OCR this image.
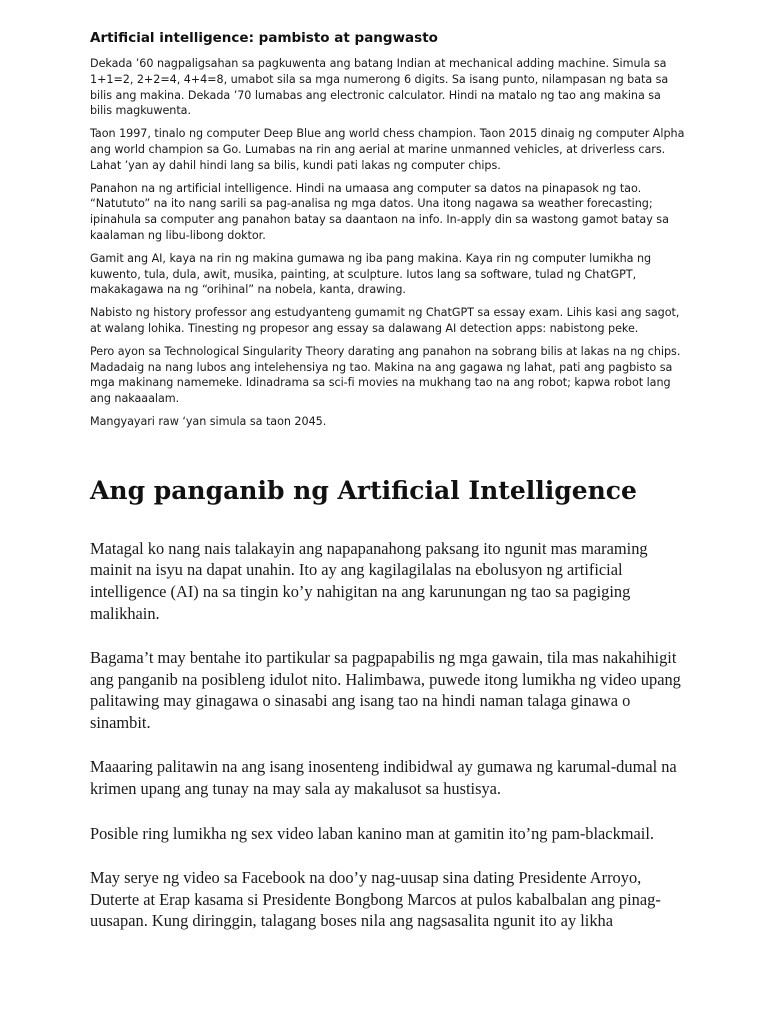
Artificial intelligence: pambisto at pangwasto

Dekada ’60 nagpaligsahan sa pagkuwenta ang batang Indian at mechanical adding machine. Simula sa 1+1=2, 2+2=4, 4+4=8, umabot sila sa mga numerong 6 digits. Sa isang punto, nilampasan ng bata sa bilis ang makina. Dekada ’70 lumabas ang electronic calculator. Hindi na matalo ng tao ang makina sa bilis magkuwenta.

Taon 1997, tinalo ng computer Deep Blue ang world chess champion. Taon 2015 dinaig ng computer Alpha ang world champion sa Go. Lumabas na rin ang aerial at marine unmanned vehicles, at driverless cars. Lahat ’yan ay dahil hindi lang sa bilis, kundi pati lakas ng computer chips.

Panahon na ng artificial intelligence. Hindi na umaasa ang computer sa datos na pinapasok ng tao. “Natututo” na ito nang sarili sa pag-analisa ng mga datos. Una itong nagawa sa weather forecasting; ipinahula sa computer ang panahon batay sa daantaon na info. In-apply din sa wastong gamot batay sa kaalaman ng libu-libong doktor.

Gamit ang AI, kaya na rin ng makina gumawa ng iba pang makina. Kaya rin ng computer lumikha ng kuwento, tula, dula, awit, musika, painting, at sculpture. Iutos lang sa software, tulad ng ChatGPT, makakagawa na ng “orihinal” na nobela, kanta, drawing.

Nabisto ng history professor ang estudyanteng gumamit ng ChatGPT sa essay exam. Lihis kasi ang sagot, at walang lohika. Tinesting ng propesor ang essay sa dalawang AI detection apps: nabistong peke.

Pero ayon sa Technological Singularity Theory darating ang panahon na sobrang bilis at lakas na ng chips. Madadaig na nang lubos ang intelehensiya ng tao. Makina na ang gagawa ng lahat, pati ang pagbisto sa mga makinang namemeke. Idinadrama sa sci-fi movies na mukhang tao na ang robot; kapwa robot lang ang nakaaalam.

Mangyayari raw ‘yan simula sa taon 2045.

Ang panganib ng Artificial Intelligence

Matagal ko nang nais talakayin ang napapanahong paksang ito ngunit mas maraming mainit na isyu na dapat unahin. Ito ay ang kagilagilalas na ebolusyon ng artificial intelligence (AI) na sa tingin ko’y nahigitan na ang karunungan ng tao sa pagiging malikhain.

Bagama’t may bentahe ito partikular sa pagpapabilis ng mga gawain, tila mas nakahihigit ang panganib na posibleng idulot nito. Halimbawa, puwede itong lumikha ng video upang palitawing may ginagawa o sinasabi ang isang tao na hindi naman talaga ginawa o sinambit.

Maaaring palitawin na ang isang inosenteng indibidwal ay gumawa ng karumal-dumal na krimen upang ang tunay na may sala ay makalusot sa hustisya.

Posible ring lumikha ng sex video laban kanino man at gamitin ito’ng pam-blackmail.

May serye ng video sa Facebook na doo’y nag-uusap sina dating Presidente Arroyo, Duterte at Erap kasama si Presidente Bongbong Marcos at pulos kabalbalan ang pinag-uusapan. Kung diringgin, talagang boses nila ang nagsasalita ngunit ito ay likha
